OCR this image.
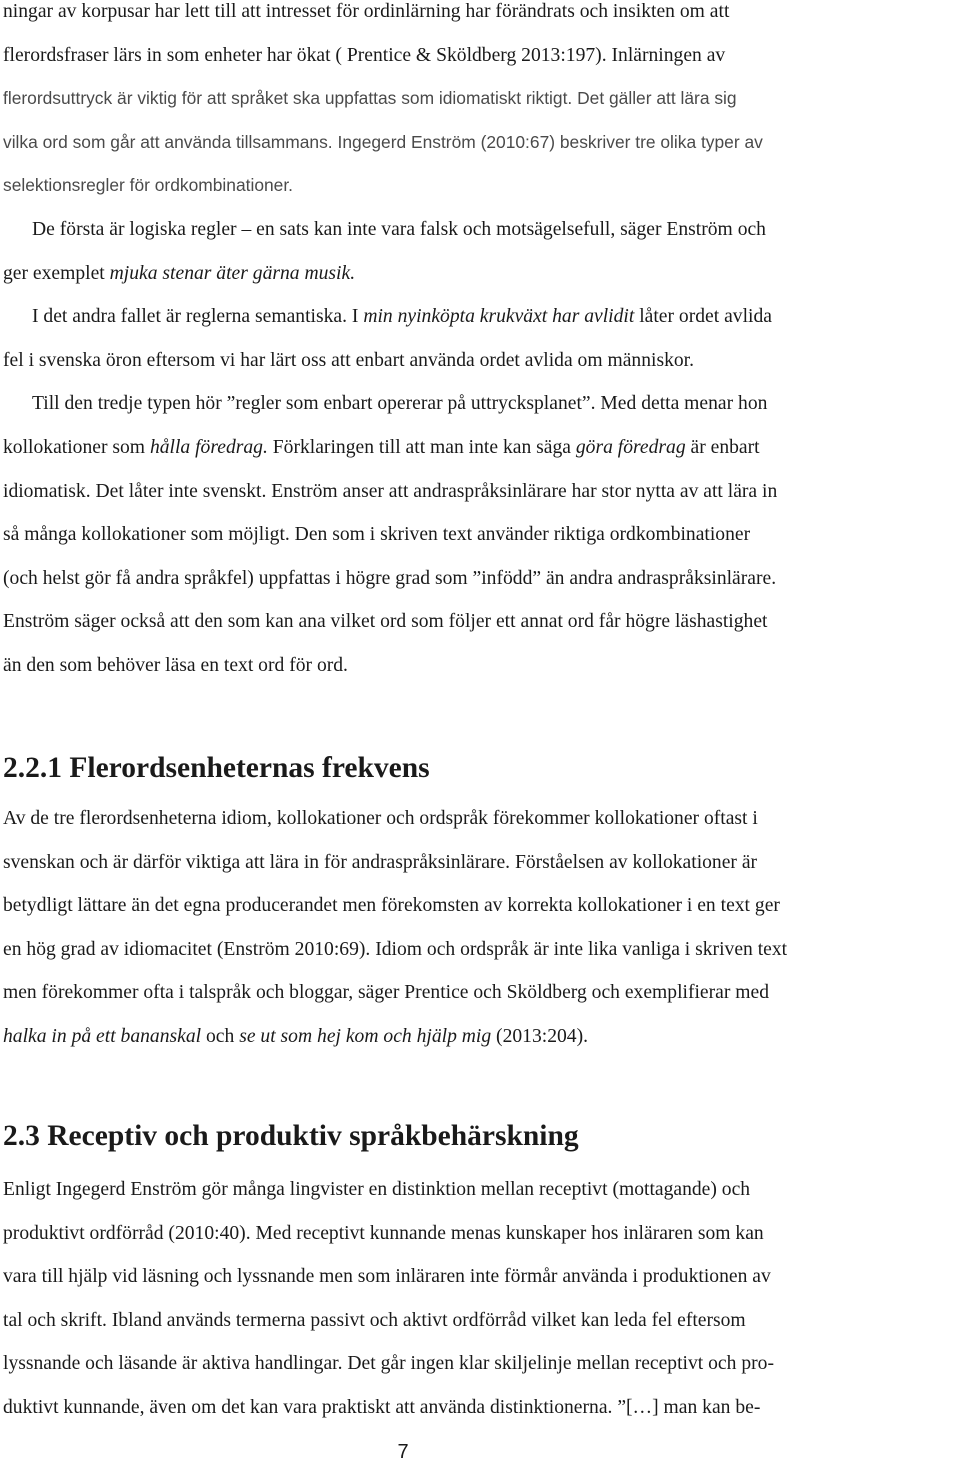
ningar av korpusar har lett till att intresset för ordinlärning har förändrats och insikten om att
flerordsfraser lärs in som enheter har ökat ( Prentice & Sköldberg 2013:197). Inlärningen av
flerordsuttryck är viktig för att språket ska uppfattas som idiomatiskt riktigt. Det gäller att lära sig
vilka ord som går att använda tillsammans. Ingegerd Enström (2010:67) beskriver tre olika typer av
selektionsregler för ordkombinationer.
De första är logiska regler – en sats kan inte vara falsk och motsägelsefull, säger Enström och
ger exemplet mjuka stenar äter gärna musik.
I det andra fallet är reglerna semantiska. I min nyinköpta krukväxt har avlidit låter ordet avlida
fel i svenska öron eftersom vi har lärt oss att enbart använda ordet avlida om människor.
Till den tredje typen hör ”regler som enbart opererar på uttrycksplanet”. Med detta menar hon
kollokationer som hålla föredrag. Förklaringen till att man inte kan säga göra föredrag är enbart
idiomatisk. Det låter inte svenskt. Enström anser att andraspråksinlärare har stor nytta av att lära in
så många kollokationer som möjligt. Den som i skriven text använder riktiga ordkombinationer
(och helst gör få andra språkfel) uppfattas i högre grad som ”infödd” än andra andraspråksinlärare.
Enström säger också att den som kan ana vilket ord som följer ett annat ord får högre läshastighet
än den som behöver läsa en text ord för ord.
2.2.1 Flerordsenheternas frekvens
Av de tre flerordsenheterna idiom, kollokationer och ordspråk förekommer kollokationer oftast i
svenskan och är därför viktiga att lära in för andraspråksinlärare. Förståelsen av kollokationer är
betydligt lättare än det egna producerandet men förekomsten av korrekta kollokationer i en text ger
en hög grad av idiomacitet (Enström 2010:69). Idiom och ordspråk är inte lika vanliga i skriven text
men förekommer ofta i talspråk och bloggar, säger Prentice och Sköldberg och exemplifierar med
halka in på ett bananskal och se ut som hej kom och hjälp mig (2013:204).
2.3 Receptiv och produktiv språkbehärskning
Enligt Ingegerd Enström gör många lingvister en distinktion mellan receptivt (mottagande) och
produktivt ordförråd (2010:40). Med receptivt kunnande menas kunskaper hos inläraren som kan
vara till hjälp vid läsning och lyssnande men som inläraren inte förmår använda i produktionen av
tal och skrift. Ibland används termerna passivt och aktivt ordförråd vilket kan leda fel eftersom
lyssnande och läsande är aktiva handlingar. Det går ingen klar skiljelinje mellan receptivt och pro-
duktivt kunnande, även om det kan vara praktiskt att använda distinktionerna. ”[…] man kan be-
7
